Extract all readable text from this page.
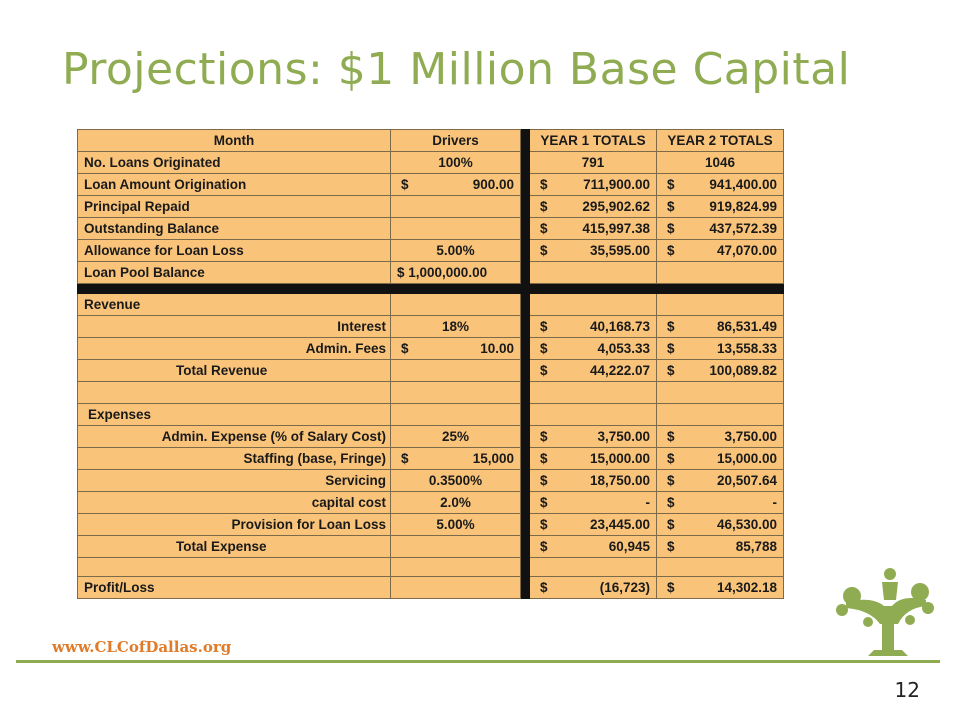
Projections: $1 Million Base Capital
Month	Drivers		YEAR 1 TOTALS	YEAR 2 TOTALS
No. Loans Originated	100%		791	1046
Loan Amount Origination	$ 900.00		$ 711,900.00	$ 941,400.00

Principal Repaid			$ 295,902.62	$ 919,824.99

Outstanding Balance			$ 415,997.38	$ 437,572.39

Allowance for Loan Loss	5.00%		$ 35,595.00	$ 47,070.00

Loan Pool Balance	$ 1,000,000.00			

Revenue				
Interest	18%		$ 40,168.73	$ 86,531.49

Admin. Fees	$ 10.00		$ 4,053.33	$ 13,558.33

Total Revenue			$ 44,222.07	$ 100,089.82

Expenses				
Admin. Expense (% of Salary Cost)	25%		$ 3,750.00	$ 3,750.00

Staffing (base, Fringe)	$ 15,000		$ 15,000.00	$ 15,000.00

Servicing	0.3500%		$ 18,750.00	$ 20,507.64

capital cost	2.0%		$ -	$ -

Provision for Loan Loss	5.00%		$ 23,445.00	$ 46,530.00

Total Expense			$ 60,945	$ 85,788

Profit/Loss			$ (16,723)	$ 14,302.18
www.CLCofDallas.org
12
